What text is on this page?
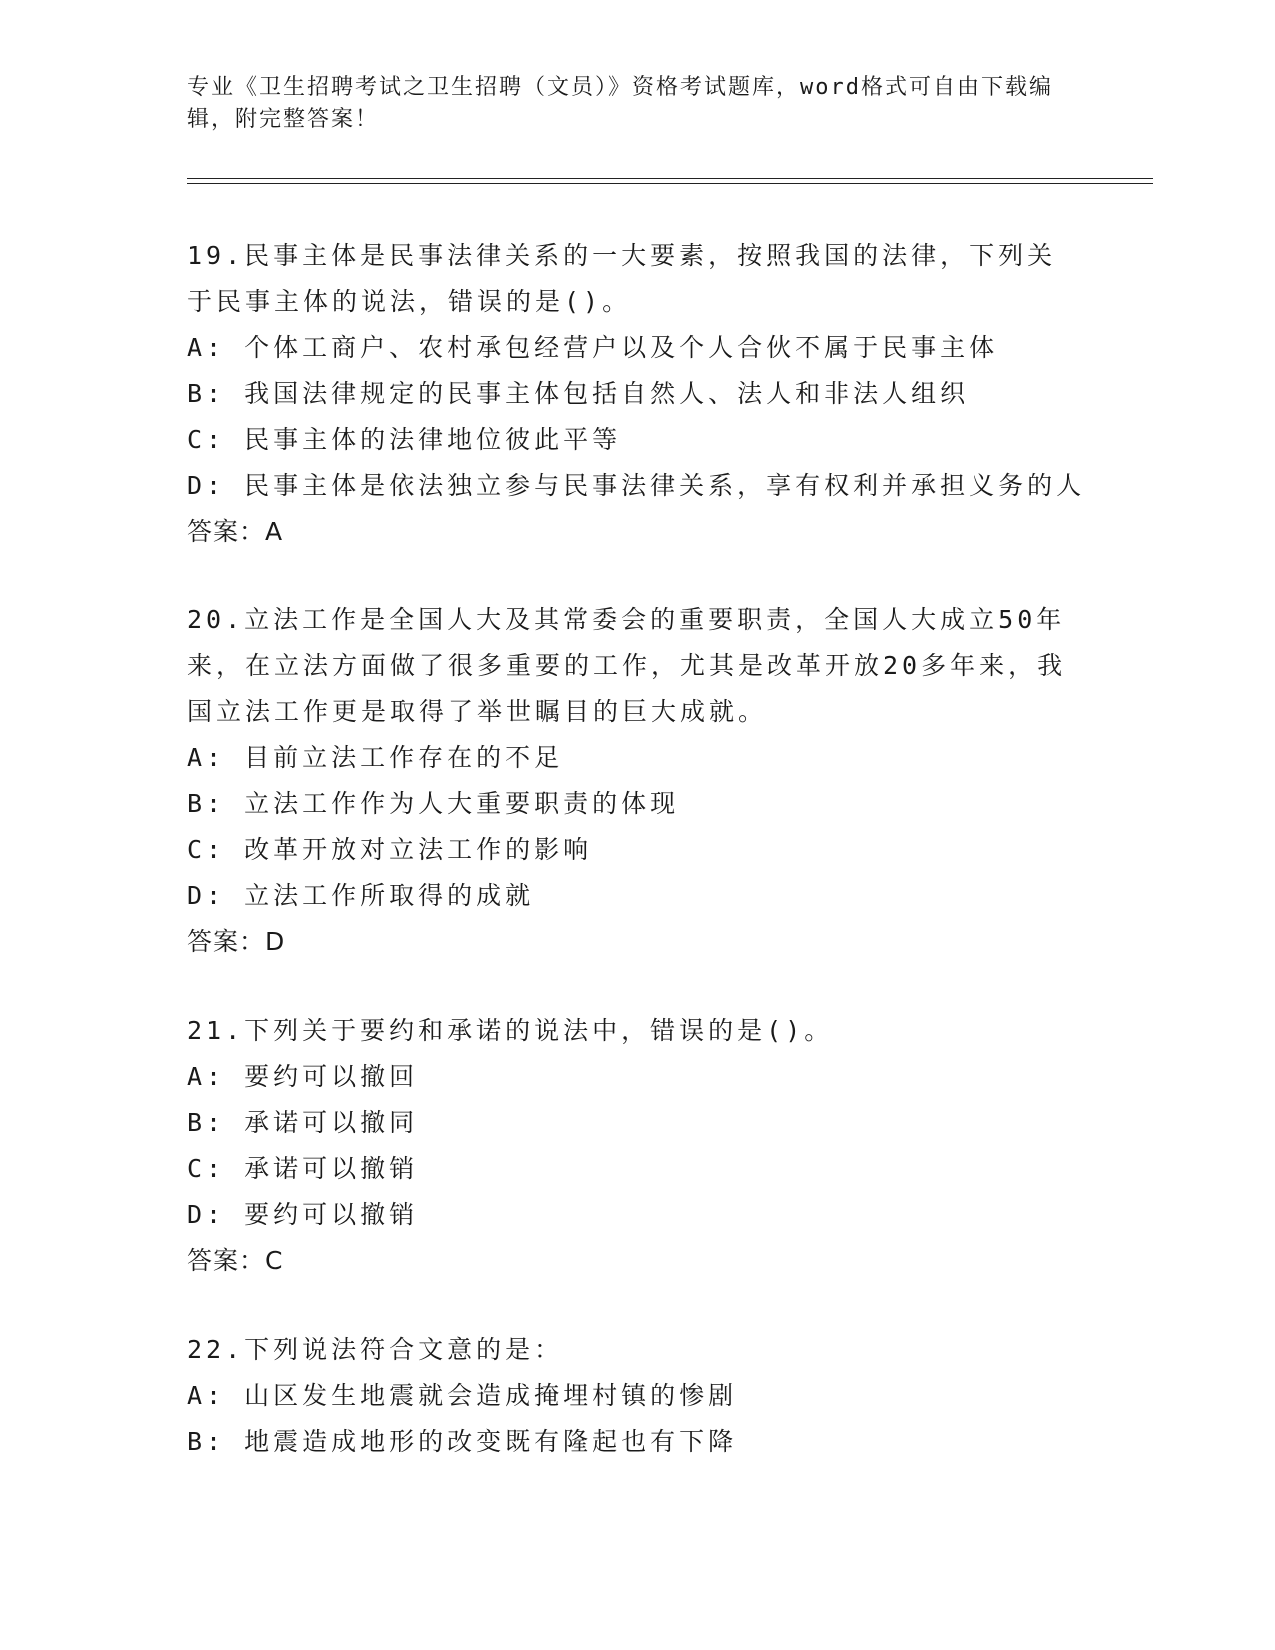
专业《卫生招聘考试之卫生招聘（文员）》资格考试题库，word格式可自由下载编辑，附完整答案！
19.民事主体是民事法律关系的一大要素，按照我国的法律，下列关于民事主体的说法，错误的是()。
A: 个体工商户、农村承包经营户以及个人合伙不属于民事主体
B: 我国法律规定的民事主体包括自然人、法人和非法人组织
C: 民事主体的法律地位彼此平等
D: 民事主体是依法独立参与民事法律关系，享有权利并承担义务的人
答案：A
20.立法工作是全国人大及其常委会的重要职责，全国人大成立50年来，在立法方面做了很多重要的工作，尤其是改革开放20多年来，我国立法工作更是取得了举世瞩目的巨大成就。
A: 目前立法工作存在的不足
B: 立法工作作为人大重要职责的体现
C: 改革开放对立法工作的影响
D: 立法工作所取得的成就
答案：D
21.下列关于要约和承诺的说法中，错误的是()。
A: 要约可以撤回
B: 承诺可以撤同
C: 承诺可以撤销
D: 要约可以撤销
答案：C
22.下列说法符合文意的是：
A: 山区发生地震就会造成掩埋村镇的惨剧
B: 地震造成地形的改变既有隆起也有下降
